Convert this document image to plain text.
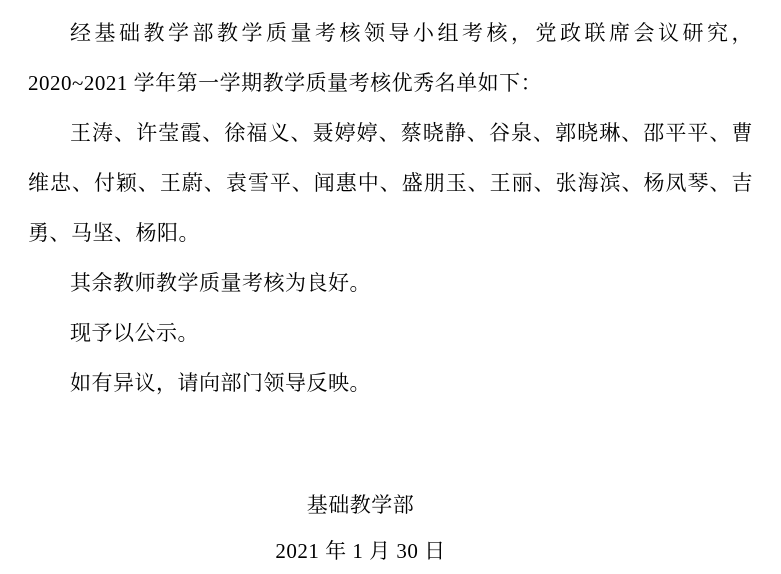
经基础教学部教学质量考核领导小组考核，党政联席会议研究，2020~2021 学年第一学期教学质量考核优秀名单如下：

王涛、许莹霞、徐福义、聂婷婷、蔡晓静、谷泉、郭晓琳、邵平平、曹维忠、付颖、王蔚、袁雪平、闻惠中、盛朋玉、王丽、张海滨、杨凤琴、吉勇、马坚、杨阳。

其余教师教学质量考核为良好。

现予以公示。

如有异议，请向部门领导反映。

基础教学部

2021 年 1 月 30 日
